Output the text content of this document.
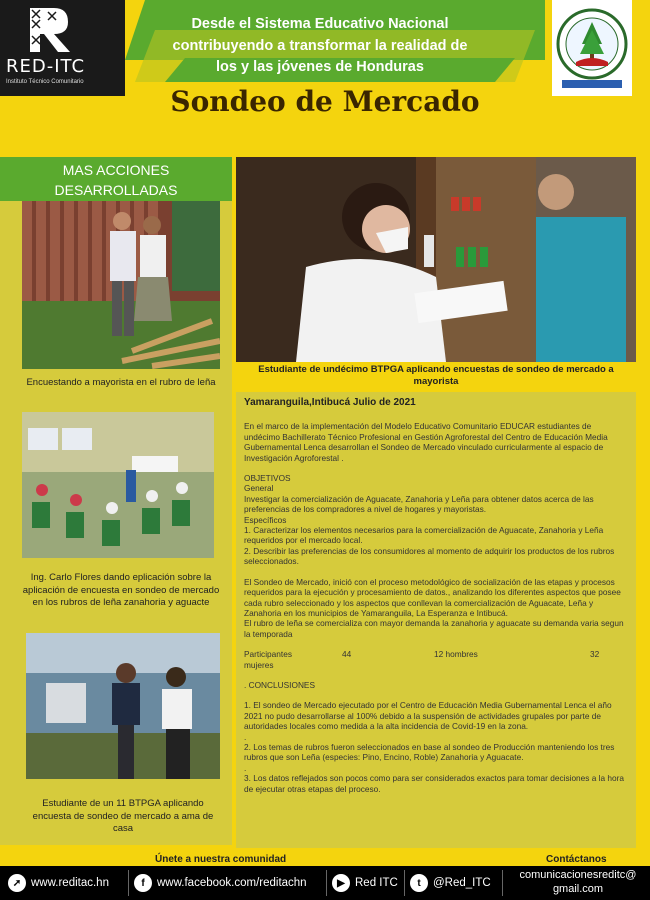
RED-ITC
Instituto Técnico Comunitario
Desde el Sistema Educativo Nacional
contribuyendo a transformar la realidad de
los y las jóvenes de Honduras
Sondeo de Mercado
MAS ACCIONES
DESARROLLADAS
Encuestando a mayorista en el rubro de leña
Ing. Carlo Flores dando eplicación sobre la aplicación de encuesta en sondeo de mercado en los rubros de leña zanahoria y aguacte
Estudiante de un 11 BTPGA aplicando encuesta de sondeo de mercado a ama de casa
Estudiante de undécimo BTPGA aplicando encuestas de sondeo de mercado a mayorista
Yamaranguila,Intibucá Julio de 2021

En el marco de la implementación del Modelo Educativo Comunitario EDUCAR estudiantes de undécimo Bachillerato Técnico Profesional en Gestión Agroforestal del Centro de Educación Media Gubernamental Lenca desarrollan el Sondeo de Mercado vinculado curricularmente al espacio de Investigación Agroforestal .

OBJETIVOS
General
Investigar la comercialización de Aguacate, Zanahoria y Leña para obtener datos acerca de las preferencias de los compradores a nivel de hogares y mayoristas.
Específicos
1. Caracterizar los elementos necesarios para la comercialización de Aguacate, Zanahoria y Leña requeridos por el mercado local.

2. Describir las preferencias de los consumidores al momento de adquirir los productos de los rubros seleccionados.

El Sondeo de Mercado, inició con el proceso metodológico de socialización de las etapas y procesos requeridos para la ejecución y procesamiento de datos., analizando los diferentes aspectos que posee cada rubro seleccionado y los aspectos que conllevan la comercialización de Aguacate, Leña y Zanahoria en los municipios de Yamaranguila, La Esperanza e Intibucá.

El rubro de leña se comercializa con mayor demanda la zanahoria y aguacate su demanda varia segun la temporada

Participantes	44	12 hombres	32

mujeres

. CONCLUSIONES

1. El sondeo de Mercado ejecutado por el Centro de Educación Media Gubernamental Lenca el año 2021 no pudo desarrollarse al 100% debido a la suspensión de actividades grupales por parte de autoridades locales como medida a la alta incidencia de Covid-19 en la zona.

.

2. Los temas de rubros fueron seleccionados en base al sondeo de Producción manteniendo los tres rubros que son Leña (especies: Pino, Encino, Roble) Zanahoria y Aguacate.

.

3. Los datos reflejados son pocos como para ser considerados exactos para tomar decisiones a la hora de ejecutar otras etapas del proceso.
Únete a nuestra comunidad	Contáctanos
➚ www.reditac.hn	f	www.facebook.com/reditachn	▶ Red ITC	t	@Red_ITC
comunicacionesreditc@
gmail.com
